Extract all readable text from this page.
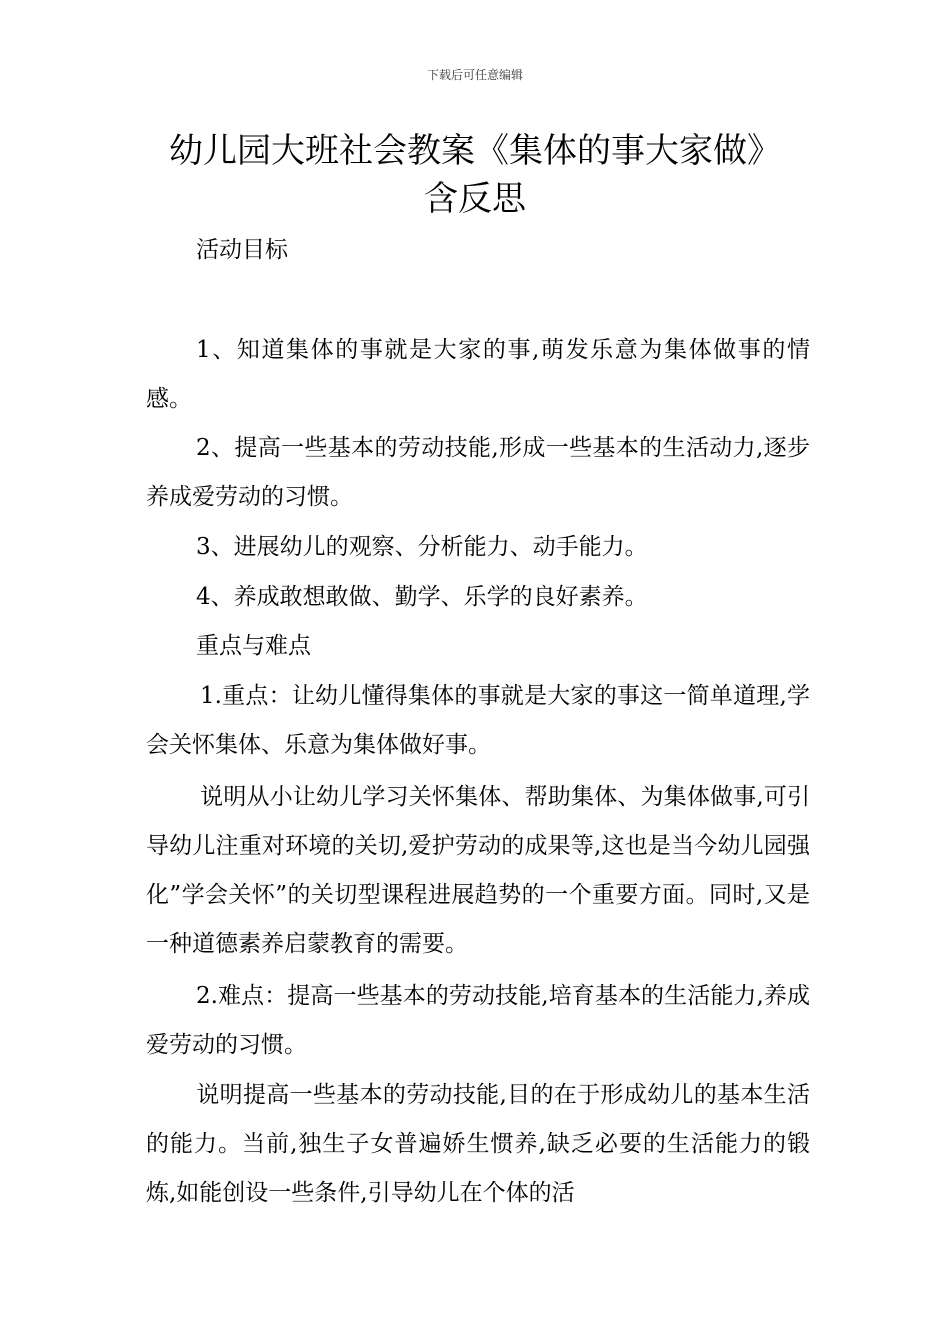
下载后可任意编辑
幼儿园大班社会教案《集体的事大家做》
含反思

活动目标

1、知道集体的事就是大家的事,萌发乐意为集体做事的情感。

2、提高一些基本的劳动技能,形成一些基本的生活动力,逐步养成爱劳动的习惯。

3、进展幼儿的观察、分析能力、动手能力。

4、养成敢想敢做、勤学、乐学的良好素养。

重点与难点

1.重点：让幼儿懂得集体的事就是大家的事这一简单道理,学会关怀集体、乐意为集体做好事。

说明从小让幼儿学习关怀集体、帮助集体、为集体做事,可引导幼儿注重对环境的关切,爱护劳动的成果等,这也是当今幼儿园强化”学会关怀”的关切型课程进展趋势的一个重要方面。同时,又是一种道德素养启蒙教育的需要。

2.难点：提高一些基本的劳动技能,培育基本的生活能力,养成爱劳动的习惯。

说明提高一些基本的劳动技能,目的在于形成幼儿的基本生活的能力。当前,独生子女普遍娇生惯养,缺乏必要的生活能力的锻炼,如能创设一些条件,引导幼儿在个体的活
